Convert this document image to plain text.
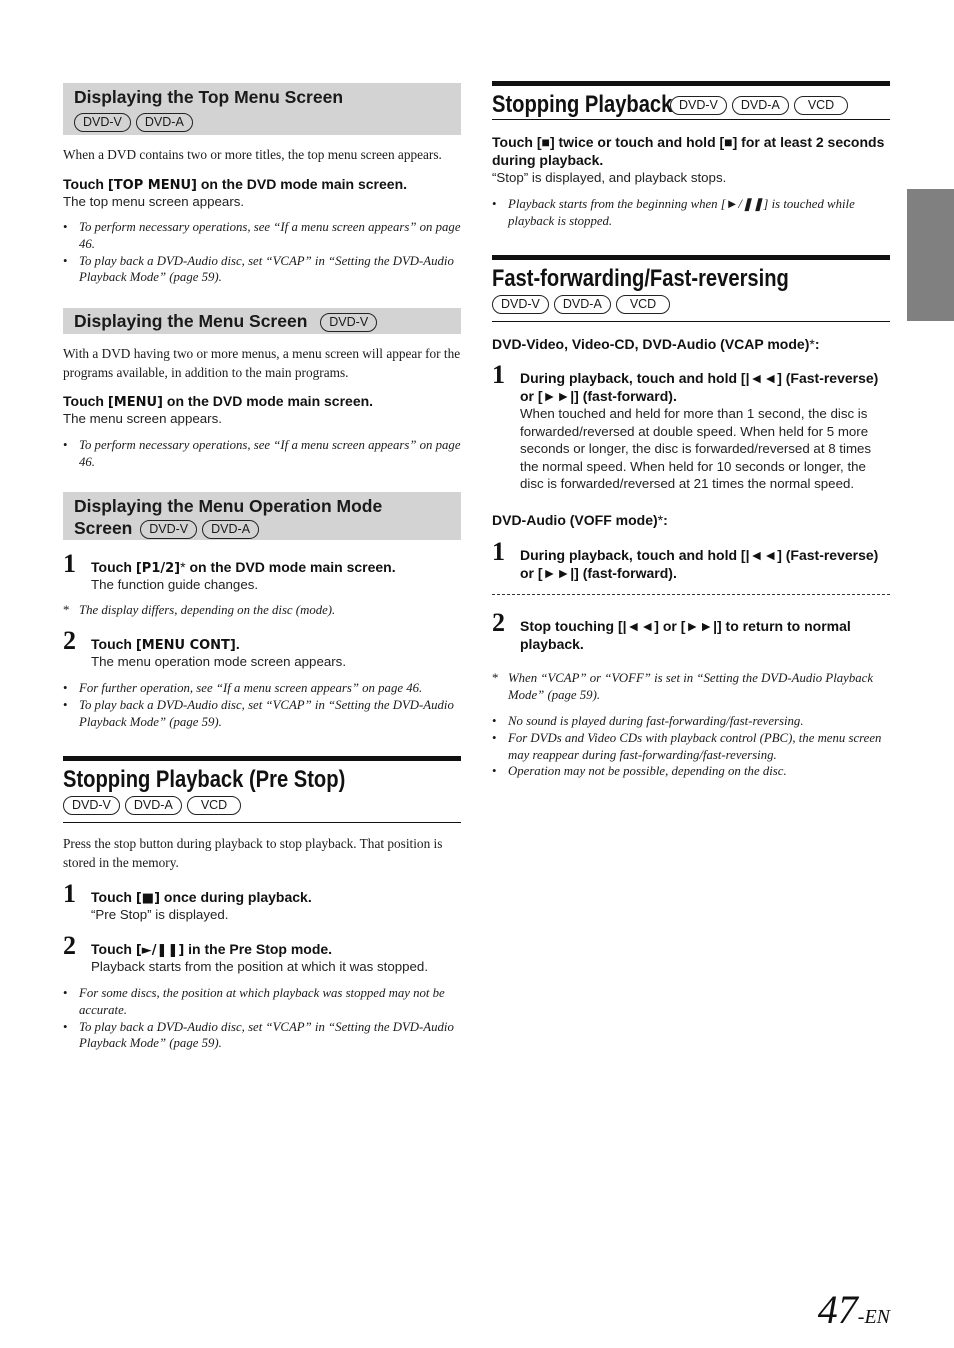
Displaying the Top Menu Screen
DVD-V DVD-A
When a DVD contains two or more titles, the top menu screen appears.
Touch [TOP MENU] on the DVD mode main screen.
The top menu screen appears.
• To perform necessary operations, see “If a menu screen appears” on page 46.
• To play back a DVD-Audio disc, set “VCAP” in “Setting the DVD-Audio Playback Mode” (page 59).
Displaying the Menu Screen DVD-V
With a DVD having two or more menus, a menu screen will appear for the programs available, in addition to the main programs.
Touch [MENU] on the DVD mode main screen.
The menu screen appears.
• To perform necessary operations, see “If a menu screen appears” on page 46.
Displaying the Menu Operation Mode
Screen DVD-V DVD-A
1 Touch [P1/2]* on the DVD mode main screen.
The function guide changes.
* The display differs, depending on the disc (mode).
2 Touch [MENU CONT].
The menu operation mode screen appears.
• For further operation, see “If a menu screen appears” on page 46.
• To play back a DVD-Audio disc, set “VCAP” in “Setting the DVD-Audio Playback Mode” (page 59).
Stopping Playback (Pre Stop)
DVD-V DVD-A VCD
Press the stop button during playback to stop playback. That position is stored in the memory.
1 Touch [■] once during playback.
“Pre Stop” is displayed.
2 Touch [►/❚❚] in the Pre Stop mode.
Playback starts from the position at which it was stopped.
• For some discs, the position at which playback was stopped may not be accurate.
• To play back a DVD-Audio disc, set “VCAP” in “Setting the DVD-Audio Playback Mode” (page 59).
Stopping Playback DVD-V DVD-A VCD
Touch [■] twice or touch and hold [■] for at least 2 seconds during playback.
“Stop” is displayed, and playback stops.
• Playback starts from the beginning when [►/❚❚] is touched while playback is stopped.
Fast-forwarding/Fast-reversing
DVD-V DVD-A VCD
DVD-Video, Video-CD, DVD-Audio (VCAP mode)*:
1 During playback, touch and hold [|◄◄] (Fast-reverse) or [►►|] (fast-forward).
When touched and held for more than 1 second, the disc is forwarded/reversed at double speed. When held for 5 more seconds or longer, the disc is forwarded/reversed at 8 times the normal speed. When held for 10 seconds or longer, the disc is forwarded/reversed at 21 times the normal speed.
DVD-Audio (VOFF mode)*:
1 During playback, touch and hold [|◄◄] (Fast-reverse) or [►►|] (fast-forward).
2 Stop touching [|◄◄] or [►►|] to return to normal playback.
* When “VCAP” or “VOFF” is set in “Setting the DVD-Audio Playback Mode” (page 59).
• No sound is played during fast-forwarding/fast-reversing.
• For DVDs and Video CDs with playback control (PBC), the menu screen may reappear during fast-forwarding/fast-reversing.
• Operation may not be possible, depending on the disc.
47-EN
